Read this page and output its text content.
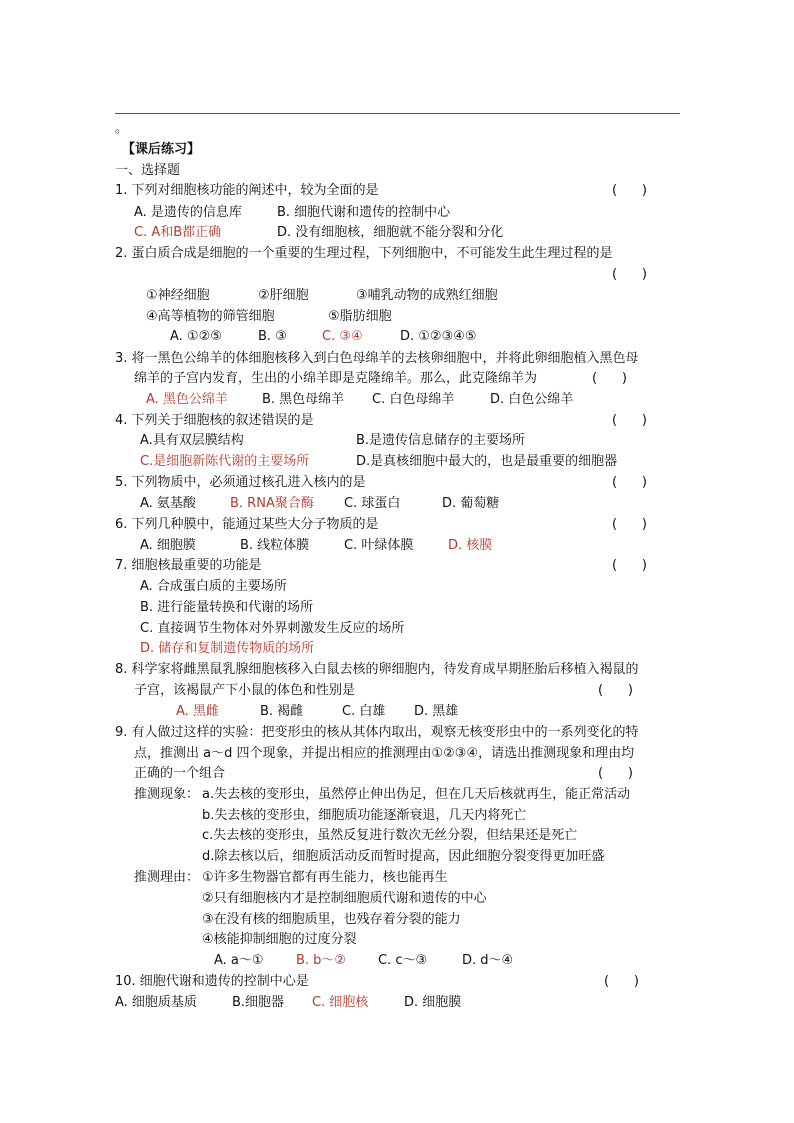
。
【课后练习】
一、选择题
1. 下列对细胞核功能的阐述中，较为全面的是	(      )
A. 是遗传的信息库	B. 细胞代谢和遗传的控制中心
C. A和B都正确	D. 没有细胞核，细胞就不能分裂和分化
2. 蛋白质合成是细胞的一个重要的生理过程，下列细胞中，不可能发生此生理过程的是
(      )
①神经细胞	②肝细胞	③哺乳动物的成熟红细胞
④高等植物的筛管细胞	⑤脂肪细胞
A. ①②⑤	B. ③	C. ③④	D. ①②③④⑤
3. 将一黑色公绵羊的体细胞核移入到白色母绵羊的去核卵细胞中，并将此卵细胞植入黑色母
绵羊的子宫内发育，生出的小绵羊即是克隆绵羊。那么，此克隆绵羊为	(      )
A. 黑色公绵羊	B. 黑色母绵羊 C. 白色母绵羊	D. 白色公绵羊
4. 下列关于细胞核的叙述错误的是	(      )
A.具有双层膜结构	B.是遗传信息储存的主要场所
C.是细胞新陈代谢的主要场所	D.是真核细胞中最大的，也是最重要的细胞器
5. 下列物质中，必须通过核孔进入核内的是	(      )
A. 氨基酸	B. RNA聚合酶 C. 球蛋白	D. 葡萄糖
6. 下列几种膜中，能通过某些大分子物质的是	(      )
A. 细胞膜	B. 线粒体膜	C. 叶绿体膜	D. 核膜
7. 细胞核最重要的功能是	(      )
A. 合成蛋白质的主要场所
B. 进行能量转换和代谢的场所
C. 直接调节生物体对外界刺激发生反应的场所
D. 储存和复制遗传物质的场所
8. 科学家将雌黑鼠乳腺细胞核移入白鼠去核的卵细胞内，待发育成早期胚胎后移植入褐鼠的
子宫，该褐鼠产下小鼠的体色和性别是	(      )
A. 黑雌	B. 褐雌	C. 白雄 D. 黑雄
9. 有人做过这样的实验：把变形虫的核从其体内取出，观察无核变形虫中的一系列变化的特
点，推测出 a～d 四个现象，并提出相应的推测理由①②③④，请选出推测现象和理由均
正确的一个组合	(      )
推测现象： a.失去核的变形虫，虽然停止伸出伪足，但在几天后核就再生，能正常活动
b.失去核的变形虫，细胞质功能逐渐衰退，几天内将死亡
c.失去核的变形虫，虽然反复进行数次无丝分裂，但结果还是死亡
d.除去核以后，细胞质活动反而暂时提高，因此细胞分裂变得更加旺盛
推测理由： ①许多生物器官都有再生能力，核也能再生
②只有细胞核内才是控制细胞质代谢和遗传的中心
③在没有核的细胞质里，也残存着分裂的能力
④核能抑制细胞的过度分裂
A. a～① B. b～② C. c～③	D. d～④
10. 细胞代谢和遗传的控制中心是	(      )
A. 细胞质基质	B.细胞器 C. 细胞核	D. 细胞膜
